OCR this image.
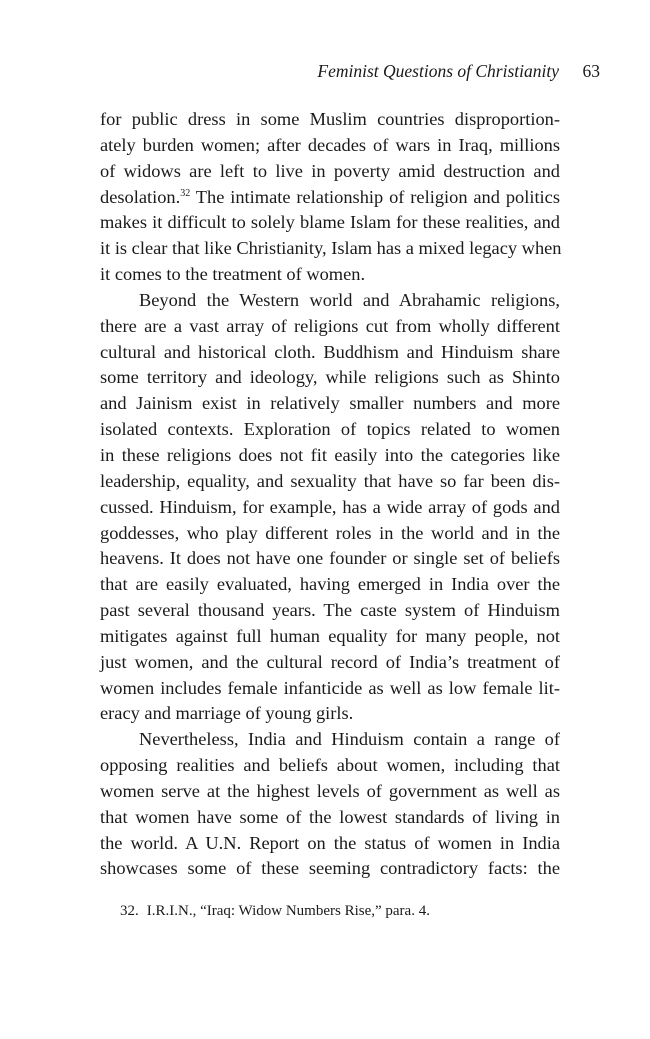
Feminist Questions of Christianity 63
for public dress in some Muslim countries disproportion-
ately burden women; after decades of wars in Iraq, millions
of widows are left to live in poverty amid destruction and
desolation.$^{32}$ The intimate relationship of religion and politics
makes it difficult to solely blame Islam for these realities, and
it is clear that like Christianity, Islam has a mixed legacy when
it comes to the treatment of women.
Beyond the Western world and Abrahamic religions,
there are a vast array of religions cut from wholly different
cultural and historical cloth. Buddhism and Hinduism share
some territory and ideology, while religions such as Shinto
and Jainism exist in relatively smaller numbers and more
isolated contexts. Exploration of topics related to women
in these religions does not fit easily into the categories like
leadership, equality, and sexuality that have so far been dis-
cussed. Hinduism, for example, has a wide array of gods and
goddesses, who play different roles in the world and in the
heavens. It does not have one founder or single set of beliefs
that are easily evaluated, having emerged in India over the
past several thousand years. The caste system of Hinduism
mitigates against full human equality for many people, not
just women, and the cultural record of India’s treatment of
women includes female infanticide as well as low female lit-
eracy and marriage of young girls.
Nevertheless, India and Hinduism contain a range of
opposing realities and beliefs about women, including that
women serve at the highest levels of government as well as
that women have some of the lowest standards of living in
the world. A U.N. Report on the status of women in India
showcases some of these seeming contradictory facts: the
32. I.R.I.N., “Iraq: Widow Numbers Rise,” para. 4.
